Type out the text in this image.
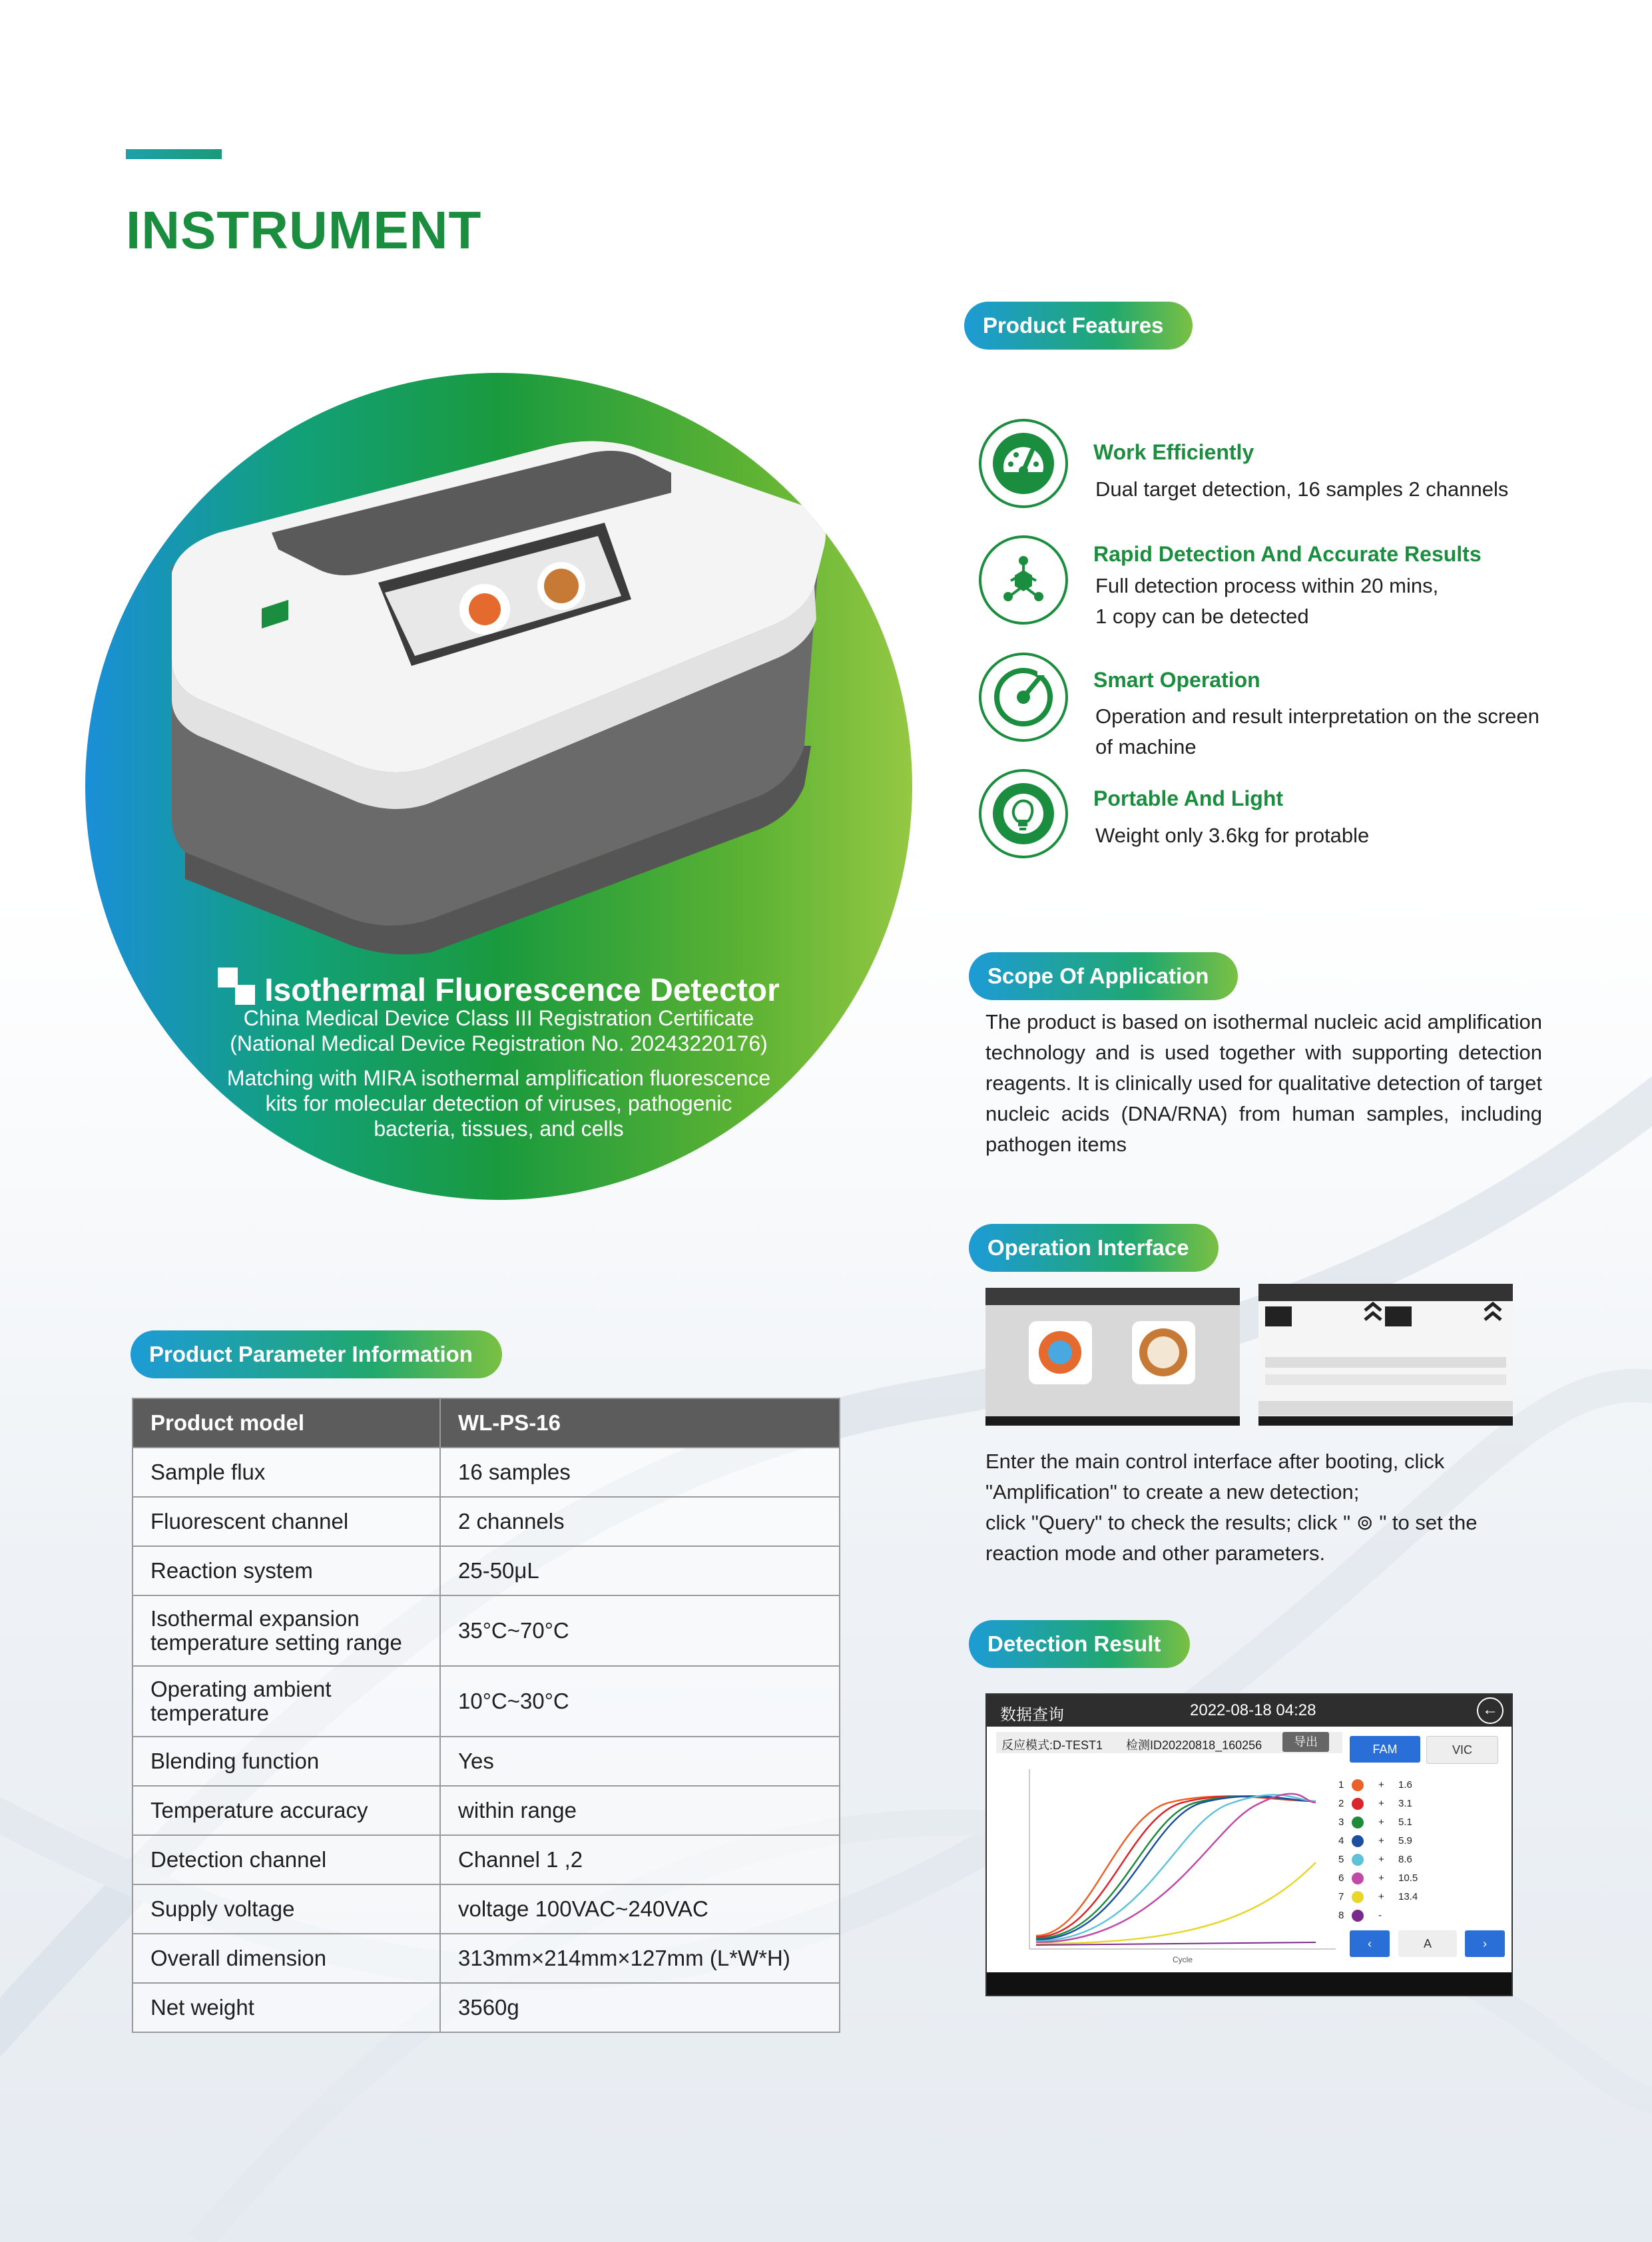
INSTRUMENT
Isothermal Fluorescence Detector
China Medical Device Class III Registration Certificate
(National Medical Device Registration No. 20243220176)
Matching with MIRA isothermal amplification fluorescence
kits for molecular detection of viruses, pathogenic
bacteria, tissues, and cells
Product Features
Work Efficiently
Dual target detection, 16 samples 2 channels
Rapid Detection And Accurate Results
Full detection process within 20 mins,
1 copy can be detected
Smart Operation
Operation and result interpretation on the screen
of machine
Portable And Light
Weight only 3.6kg for protable
Scope Of Application
The product is based on isothermal nucleic acid amplification technology and is used together with supporting detection reagents. It is clinically used for qualitative detection of target nucleic acids (DNA/RNA) from human samples, including pathogen items
Operation Interface
Enter the main control interface after booting, click
"Amplification" to create a new detection;
click "Query" to check the results; click " ⊚ " to set the
reaction mode and other parameters.
Detection Result
数据查询	2022-08-18 04:28	←
反应模式:D-TEST1 检测ID20220818_160256	导出
Cycle
FAM	VIC
‹	A	›
1	+ 1.6
2	+ 3.1
3	+ 5.1
4	+ 5.9
5	+ 8.6
6	+ 10.5
7	+ 13.4
8	-
Product Parameter Information
Product model	WL-PS-16
Sample flux	16 samples
Fluorescent channel	2 channels
Reaction system	25-50μL
Isothermal expansion temperature setting range	35°C~70°C
Operating ambient temperature	10°C~30°C
Blending function	Yes
Temperature accuracy	within range
Detection channel	Channel 1 ,2
Supply voltage	voltage 100VAC~240VAC
Overall dimension	313mm×214mm×127mm (L*W*H)
Net weight	3560g
